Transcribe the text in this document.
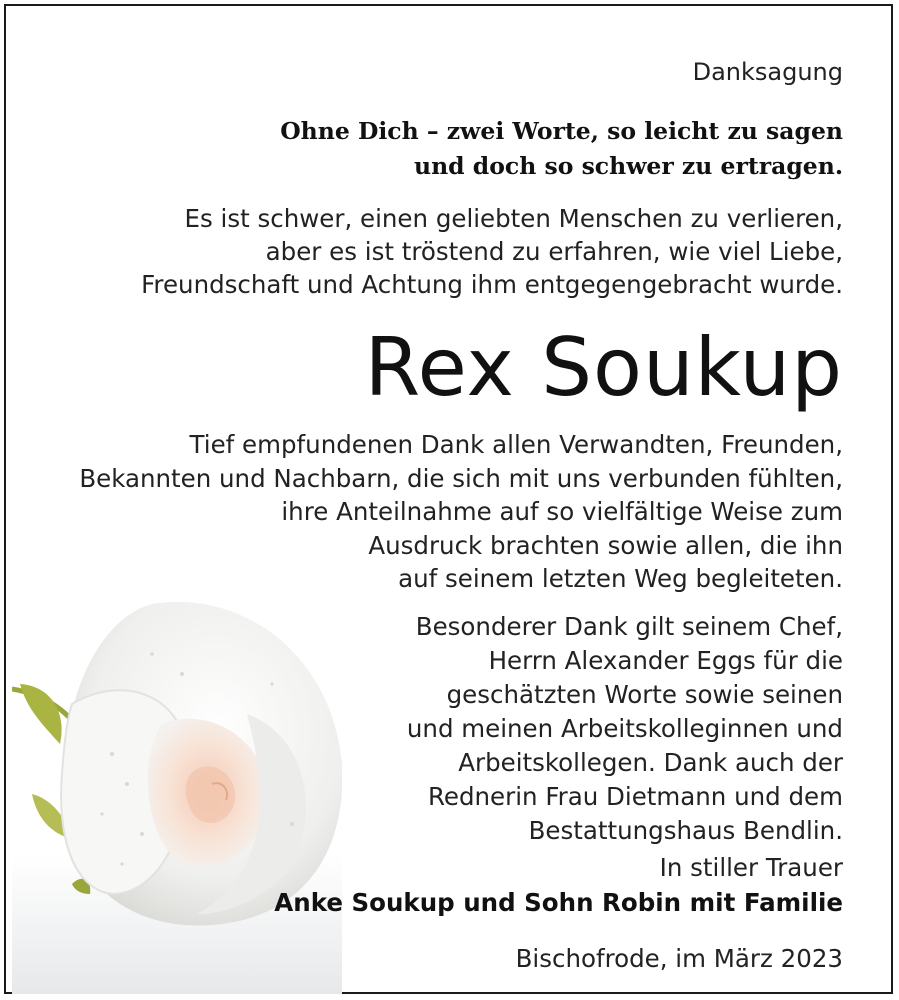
Danksagung

Ohne Dich – zwei Worte, so leicht zu sagen
und doch so schwer zu ertragen.

Es ist schwer, einen geliebten Menschen zu verlieren,
aber es ist tröstend zu erfahren, wie viel Liebe,
Freundschaft und Achtung ihm entgegengebracht wurde.

Rex Soukup

Tief empfundenen Dank allen Verwandten, Freunden,
Bekannten und Nachbarn, die sich mit uns verbunden fühlten,
ihre Anteilnahme auf so vielfältige Weise zum
Ausdruck brachten sowie allen, die ihn
auf seinem letzten Weg begleiteten.

Besonderer Dank gilt seinem Chef,
Herrn Alexander Eggs für die
geschätzten Worte sowie seinen
und meinen Arbeitskolleginnen und
Arbeitskollegen. Dank auch der
Rednerin Frau Dietmann und dem
Bestattungshaus Bendlin.

In stiller Trauer

Anke Soukup und Sohn Robin mit Familie

Bischofrode, im März 2023
